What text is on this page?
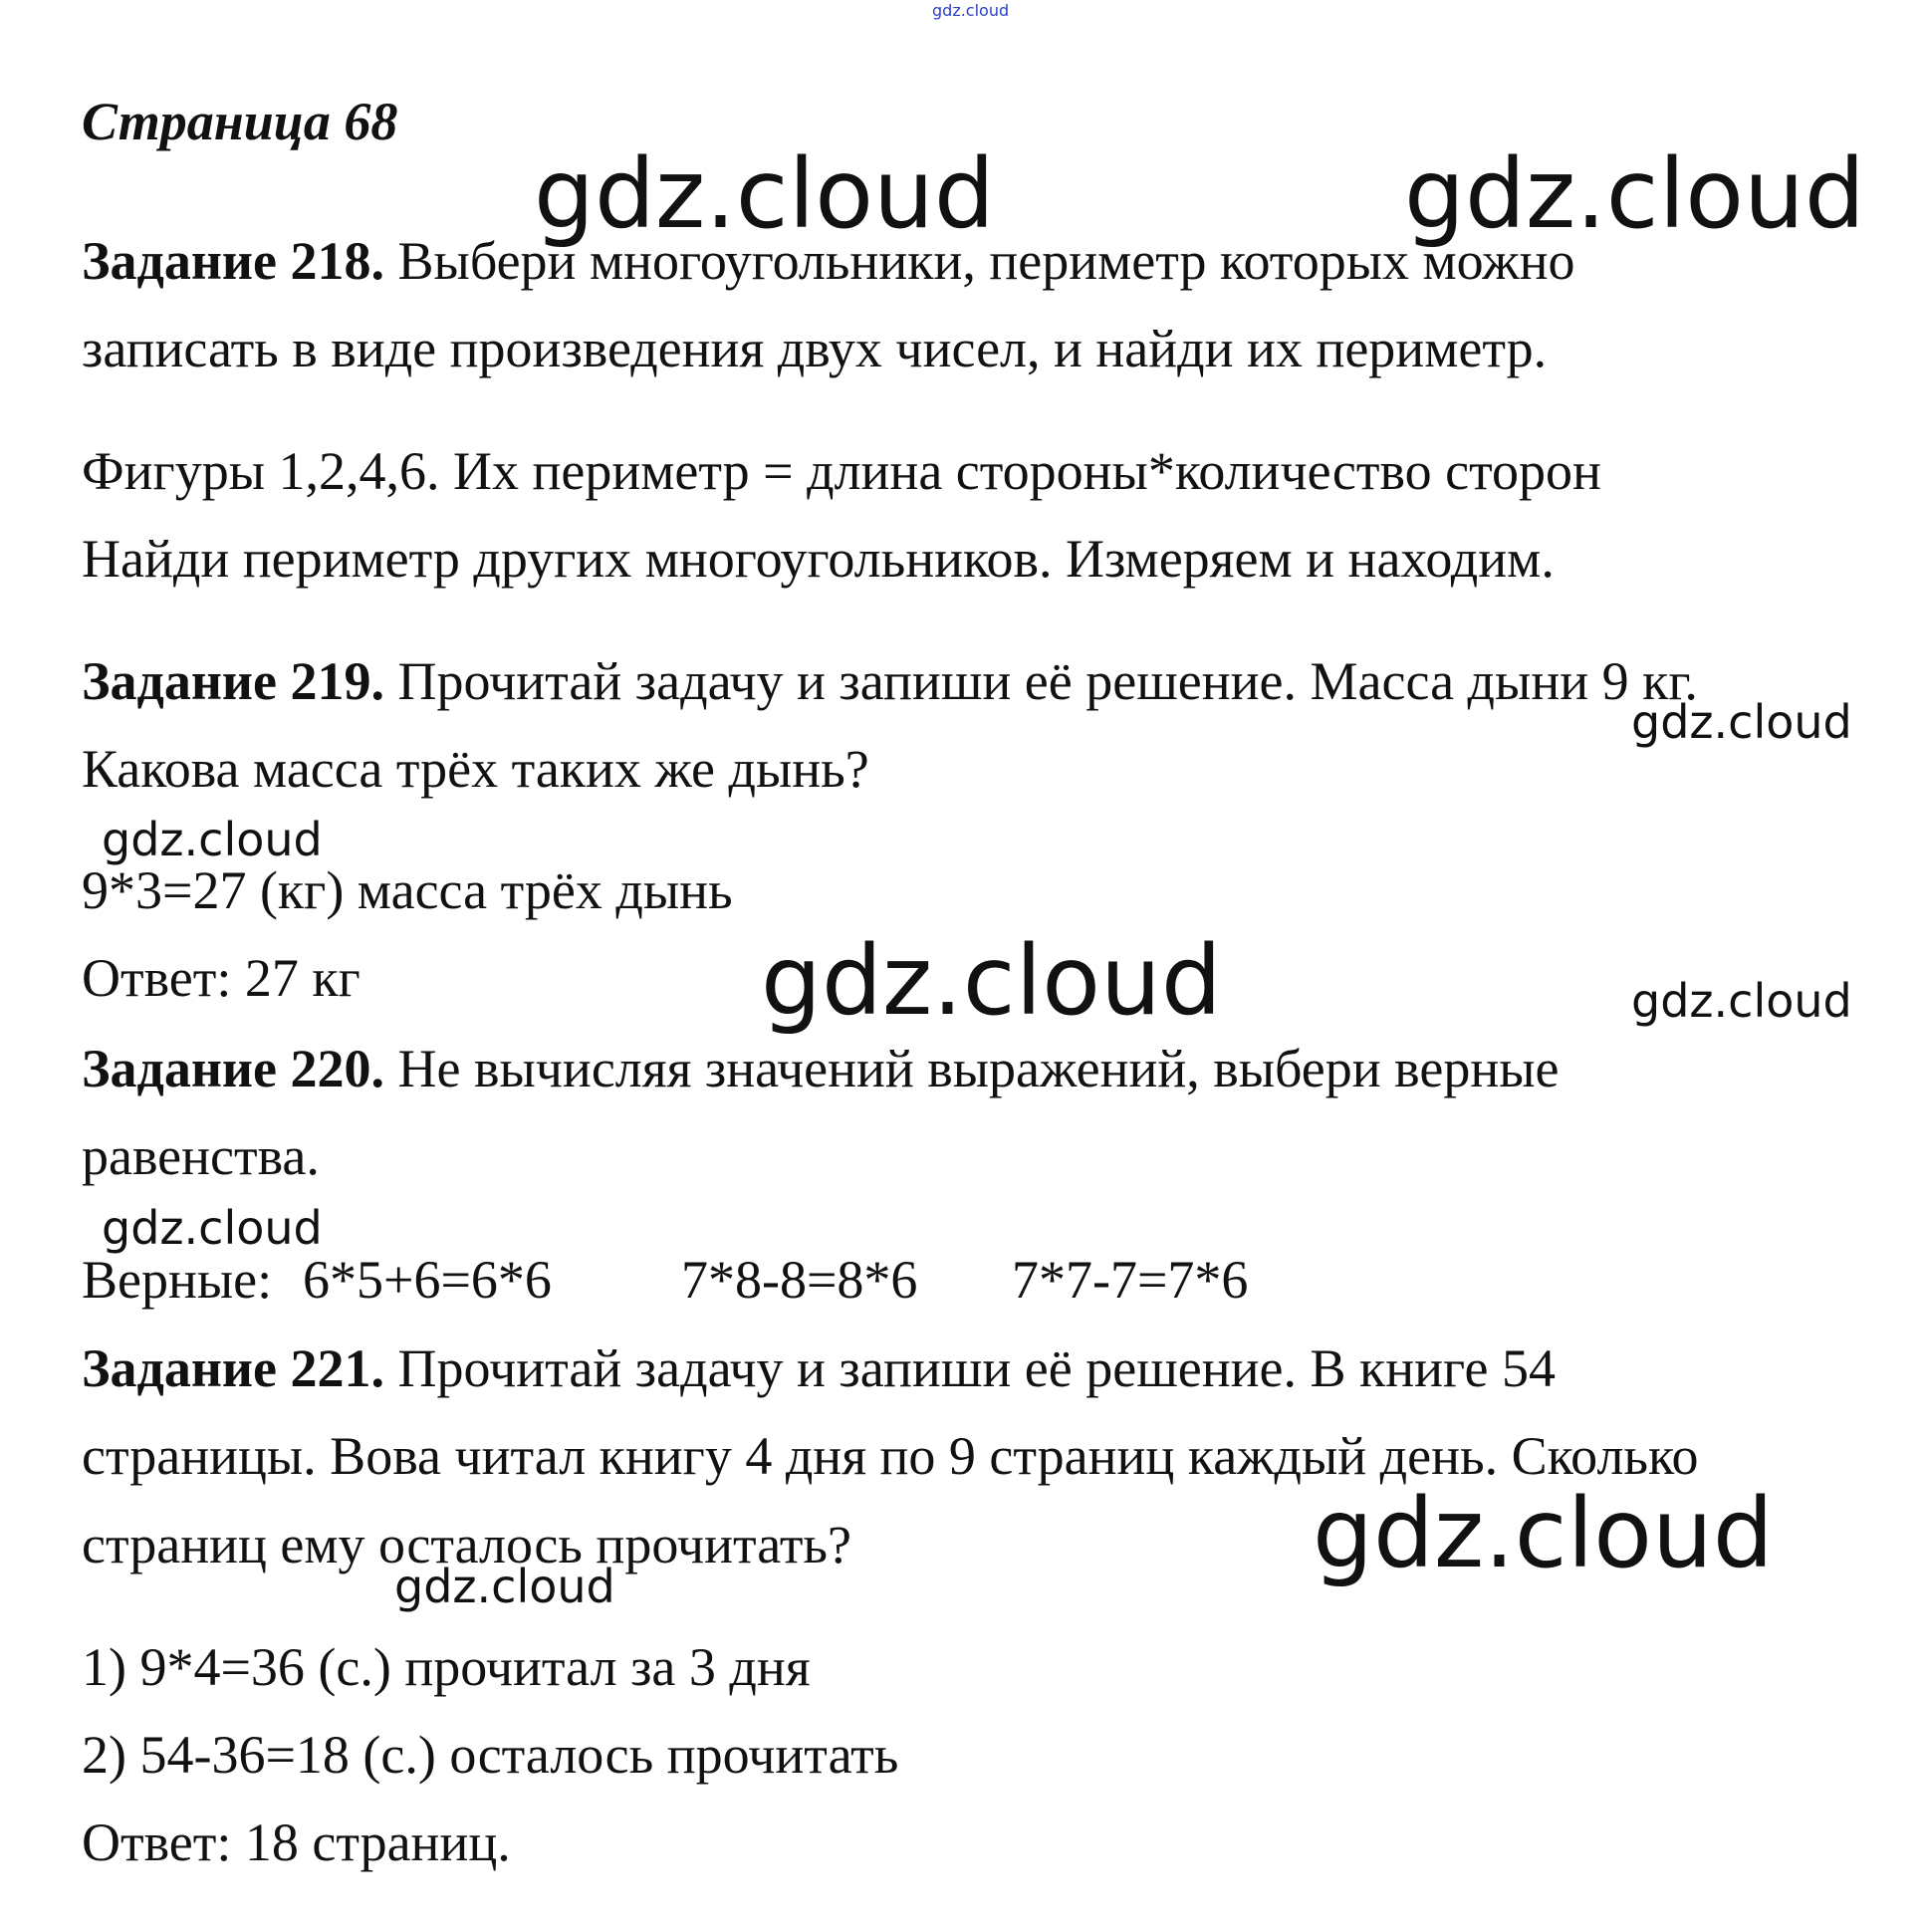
gdz.cloud
Страница 68
Задание 218. Выбери многоугольники, периметр которых можно
записать в виде произведения двух чисел, и найди их периметр.
Фигуры 1,2,4,6. Их периметр = длина стороны*количество сторон
Найди периметр других многоугольников. Измеряем и находим.
Задание 219. Прочитай задачу и запиши её решение. Масса дыни 9 кг.
Какова масса трёх таких же дынь?
9*3=27 (кг) масса трёх дынь
Ответ: 27 кг
Задание 220. Не вычисляя значений выражений, выбери верные
равенства.
Верные: 6*5+6=6*6 7*8-8=8*6 7*7-7=7*6
Задание 221. Прочитай задачу и запиши её решение. В книге 54
страницы. Вова читал книгу 4 дня по 9 страниц каждый день. Сколько
страниц ему осталось прочитать?
1) 9*4=36 (с.) прочитал за 3 дня
2) 54-36=18 (с.) осталось прочитать
Ответ: 18 страниц.
gdz.cloud	gdz.cloud
gdz.cloud
gdz.cloud
gdz.cloud	gdz.cloud
gdz.cloud
gdz.cloud
gdz.cloud
